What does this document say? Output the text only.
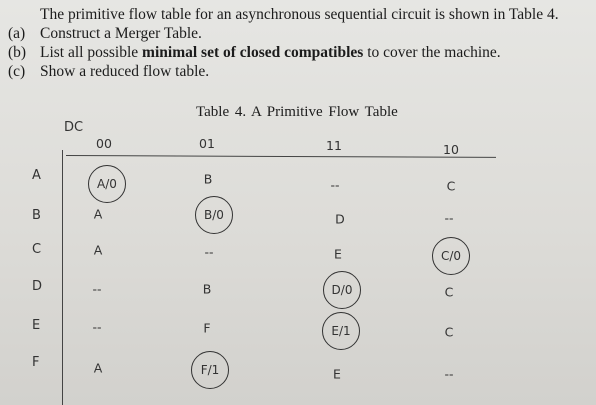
The primitive flow table for an asynchronous sequential circuit is shown in Table 4.
(a) Construct a Merger Table.
(b) List all possible minimal set of closed compatibles to cover the machine.
(c) Show a reduced flow table.
Table 4. A Primitive Flow Table
DC
00	01	11	10
A
B
C
D
E
F
A/0	B	--	C
A	B/0	D	--
A	--	E	C/0
--	B	D/0	C
--	F	E/1	C
A	F/1	E	--
